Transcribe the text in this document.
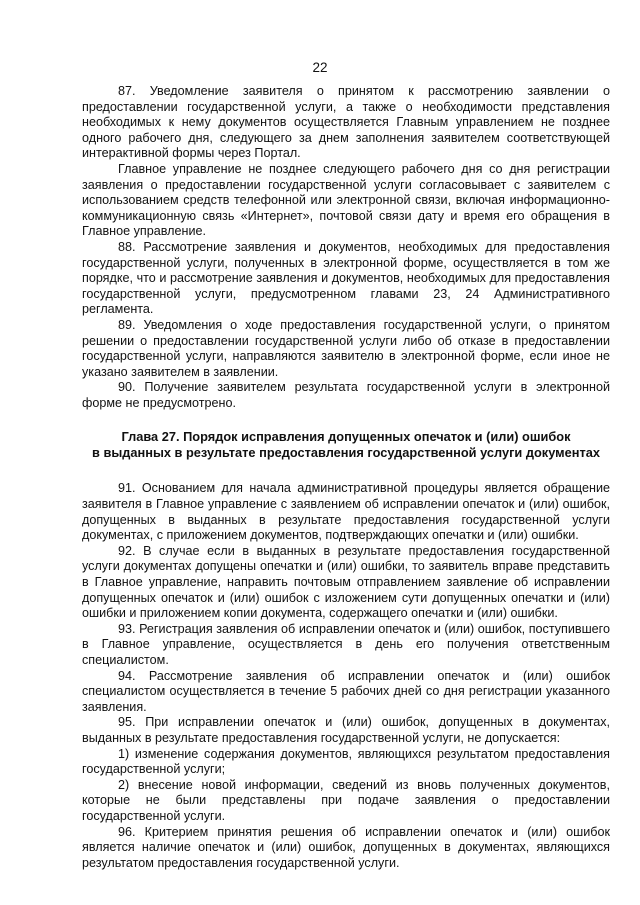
22

87. Уведомление заявителя о принятом к рассмотрению заявлении о предоставлении государственной услуги, а также о необходимости представления необходимых к нему документов осуществляется Главным управлением не позднее одного рабочего дня, следующего за днем заполнения заявителем соответствующей интерактивной формы через Портал.

Главное управление не позднее следующего рабочего дня со дня регистрации заявления о предоставлении государственной услуги согласовывает с заявителем с использованием средств телефонной или электронной связи, включая информационно-коммуникационную связь «Интернет», почтовой связи дату и время его обращения в Главное управление.

88. Рассмотрение заявления и документов, необходимых для предоставления государственной услуги, полученных в электронной форме, осуществляется в том же порядке, что и рассмотрение заявления и документов, необходимых для предоставления государственной услуги, предусмотренном главами 23, 24 Административного регламента.

89. Уведомления о ходе предоставления государственной услуги, о принятом решении о предоставлении государственной услуги либо об отказе в предоставлении государственной услуги, направляются заявителю в электронной форме, если иное не указано заявителем в заявлении.

90. Получение заявителем результата государственной услуги в электронной форме не предусмотрено.

Глава 27. Порядок исправления допущенных опечаток и (или) ошибок
в выданных в результате предоставления государственной услуги документах

91. Основанием для начала административной процедуры является обращение заявителя в Главное управление с заявлением об исправлении опечаток и (или) ошибок, допущенных в выданных в результате предоставления государственной услуги документах, с приложением документов, подтверждающих опечатки и (или) ошибки.

92. В случае если в выданных в результате предоставления государственной услуги документах допущены опечатки и (или) ошибки, то заявитель вправе представить в Главное управление, направить почтовым отправлением заявление об исправлении допущенных опечаток и (или) ошибок с изложением сути допущенных опечатки и (или) ошибки и приложением копии документа, содержащего опечатки и (или) ошибки.

93. Регистрация заявления об исправлении опечаток и (или) ошибок, поступившего в Главное управление, осуществляется в день его получения ответственным специалистом.

94. Рассмотрение заявления об исправлении опечаток и (или) ошибок специалистом осуществляется в течение 5 рабочих дней со дня регистрации указанного заявления.

95. При исправлении опечаток и (или) ошибок, допущенных в документах, выданных в результате предоставления государственной услуги, не допускается:

1) изменение содержания документов, являющихся результатом предоставления государственной услуги;

2) внесение новой информации, сведений из вновь полученных документов, которые не были представлены при подаче заявления о предоставлении государственной услуги.

96. Критерием принятия решения об исправлении опечаток и (или) ошибок является наличие опечаток и (или) ошибок, допущенных в документах, являющихся результатом предоставления государственной услуги.
